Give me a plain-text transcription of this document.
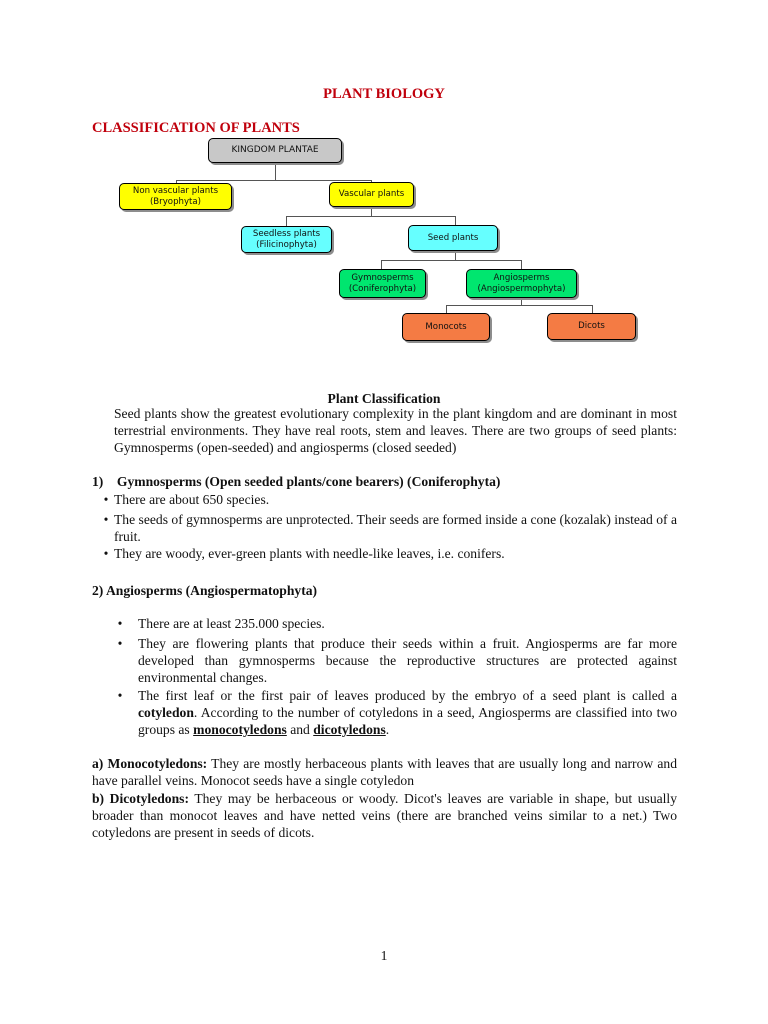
PLANT BIOLOGY
CLASSIFICATION OF PLANTS
KINGDOM PLANTAE
Non vascular plants
(Bryophyta)
Vascular plants
Seedless plants
(Filicinophyta)
Seed plants
Gymnosperms
(Coniferophyta)
Angiosperms
(Angiospermophyta)
Monocots	Dicots
Plant Classification
Seed plants show the greatest evolutionary complexity in the plant kingdom and are dominant in most terrestrial environments. They have real roots, stem and leaves. There are two groups of seed plants: Gymnosperms (open-seeded) and angiosperms (closed seeded)
1) Gymnosperms (Open seeded plants/cone bearers) (Coniferophyta)
• There are about 650 species.
• The seeds of gymnosperms are unprotected. Their seeds are formed inside a cone (kozalak) instead of a fruit.
• They are woody, ever-green plants with needle-like leaves, i.e. conifers.
2) Angiosperms (Angiospermatophyta)
• There are at least 235.000 species.
• They are flowering plants that produce their seeds within a fruit. Angiosperms are far more developed than gymnosperms because the reproductive structures are protected against environmental changes.
• The first leaf or the first pair of leaves produced by the embryo of a seed plant is called a cotyledon. According to the number of cotyledons in a seed, Angiosperms are classified into two groups as monocotyledons and dicotyledons.
a) Monocotyledons: They are mostly herbaceous plants with leaves that are usually long and narrow and have parallel veins. Monocot seeds have a single cotyledon
b) Dicotyledons: They may be herbaceous or woody. Dicot's leaves are variable in shape, but usually broader than monocot leaves and have netted veins (there are branched veins similar to a net.) Two cotyledons are present in seeds of dicots.
1
